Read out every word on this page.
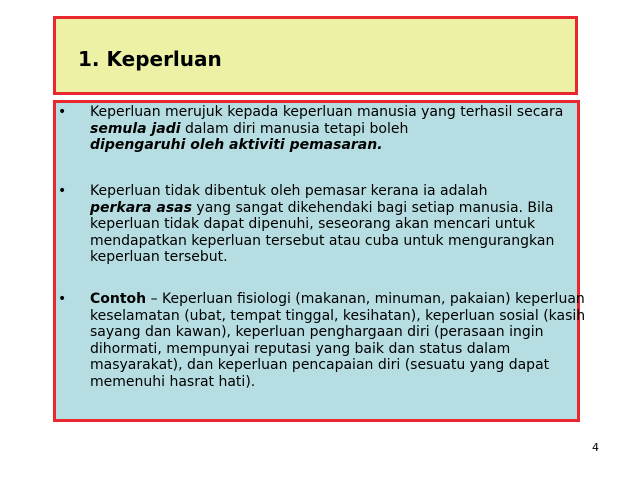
1. Keperluan
•	Keperluan merujuk kepada keperluan manusia yang terhasil secara semula jadi dalam diri manusia tetapi boleh
dipengaruhi oleh aktiviti pemasaran.
•	Keperluan tidak dibentuk oleh pemasar kerana ia adalah
perkara asas yang sangat dikehendaki bagi setiap manusia. Bila keperluan tidak dapat dipenuhi, seseorang akan mencari untuk mendapatkan keperluan tersebut atau cuba untuk mengurangkan keperluan tersebut.
•	Contoh – Keperluan fisiologi (makanan, minuman, pakaian) keperluan keselamatan (ubat, tempat tinggal, kesihatan), keperluan sosial (kasih sayang dan kawan), keperluan penghargaan diri (perasaan ingin dihormati, mempunyai reputasi yang baik dan status dalam masyarakat), dan keperluan pencapaian diri (sesuatu yang dapat memenuhi hasrat hati).
4
